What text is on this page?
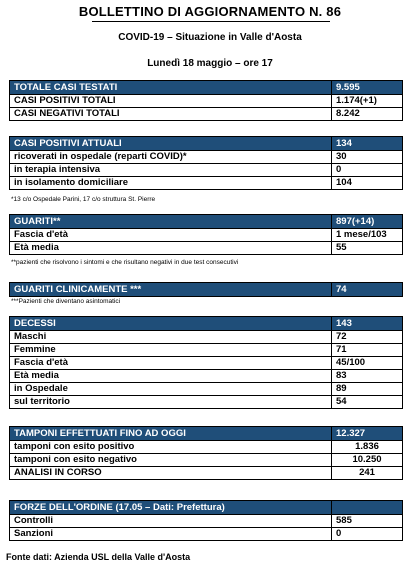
BOLLETTINO DI AGGIORNAMENTO N. 86
COVID-19 – Situazione in Valle d'Aosta
Lunedì 18 maggio – ore 17
TOTALE CASI TESTATI	9.595
CASI POSITIVI TOTALI	1.174(+1)
CASI NEGATIVI TOTALI	8.242
CASI POSITIVI ATTUALI	134
ricoverati in ospedale (reparti COVID)*	30
in terapia intensiva	0
in isolamento domiciliare	104
*13 c/o Ospedale Parini, 17 c/o struttura St. Pierre
GUARITI**	897(+14)
Fascia d'età	1 mese/103
Età media	55
**pazienti che risolvono i sintomi e che risultano negativi in due test consecutivi
GUARITI CLINICAMENTE ***	74
***Pazienti che diventano asintomatici
DECESSI	143
Maschi	72
Femmine	71
Fascia d'età	45/100
Età media	83
in Ospedale	89
sul territorio	54
TAMPONI EFFETTUATI FINO AD OGGI	12.327
tamponi con esito positivo	1.836
tamponi con esito negativo	10.250
ANALISI IN CORSO	241
FORZE DELL'ORDINE (17.05 – Dati: Prefettura)	
Controlli	585
Sanzioni	0
Fonte dati: Azienda USL della Valle d'Aosta
